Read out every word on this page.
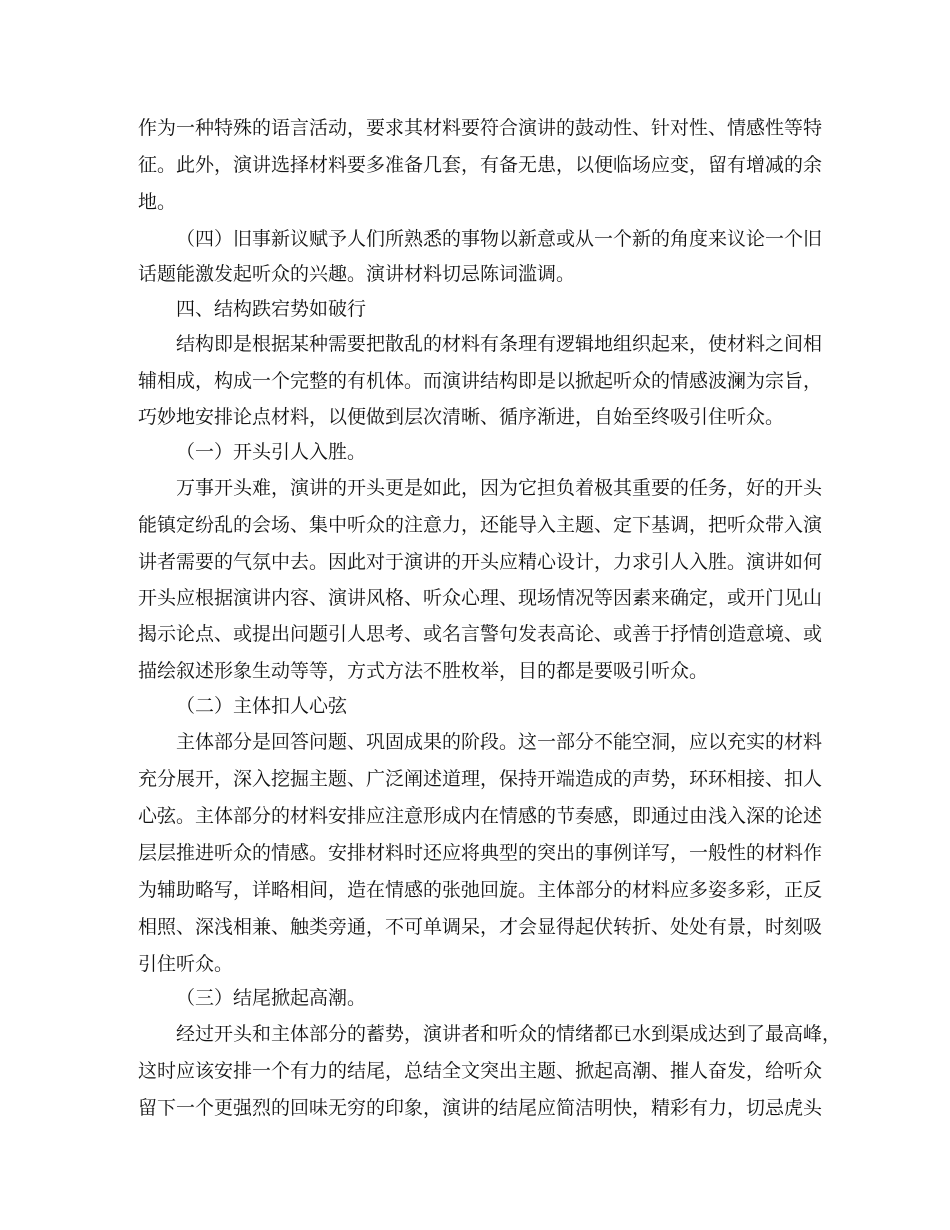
作为一种特殊的语言活动，要求其材料要符合演讲的鼓动性、针对性、情感性等特
征。此外，演讲选择材料要多准备几套，有备无患，以便临场应变，留有增减的余
地。
（四）旧事新议赋予人们所熟悉的事物以新意或从一个新的角度来议论一个旧
话题能激发起听众的兴趣。演讲材料切忌陈词滥调。
四、结构跌宕势如破行
结构即是根据某种需要把散乱的材料有条理有逻辑地组织起来，使材料之间相
辅相成，构成一个完整的有机体。而演讲结构即是以掀起听众的情感波澜为宗旨，
巧妙地安排论点材料，以便做到层次清晰、循序渐进，自始至终吸引住听众。
（一）开头引人入胜。
万事开头难，演讲的开头更是如此，因为它担负着极其重要的任务，好的开头
能镇定纷乱的会场、集中听众的注意力，还能导入主题、定下基调，把听众带入演
讲者需要的气氛中去。因此对于演讲的开头应精心设计，力求引人入胜。演讲如何
开头应根据演讲内容、演讲风格、听众心理、现场情况等因素来确定，或开门见山
揭示论点、或提出问题引人思考、或名言警句发表高论、或善于抒情创造意境、或
描绘叙述形象生动等等，方式方法不胜枚举，目的都是要吸引听众。
（二）主体扣人心弦
主体部分是回答问题、巩固成果的阶段。这一部分不能空洞，应以充实的材料
充分展开，深入挖掘主题、广泛阐述道理，保持开端造成的声势，环环相接、扣人
心弦。主体部分的材料安排应注意形成内在情感的节奏感，即通过由浅入深的论述
层层推进听众的情感。安排材料时还应将典型的突出的事例详写，一般性的材料作
为辅助略写，详略相间，造在情感的张弛回旋。主体部分的材料应多姿多彩，正反
相照、深浅相兼、触类旁通，不可单调呆，才会显得起伏转折、处处有景，时刻吸
引住听众。
（三）结尾掀起高潮。
经过开头和主体部分的蓄势，演讲者和听众的情绪都已水到渠成达到了最高峰，
这时应该安排一个有力的结尾，总结全文突出主题、掀起高潮、摧人奋发，给听众
留下一个更强烈的回味无穷的印象，演讲的结尾应简洁明快，精彩有力，切忌虎头
